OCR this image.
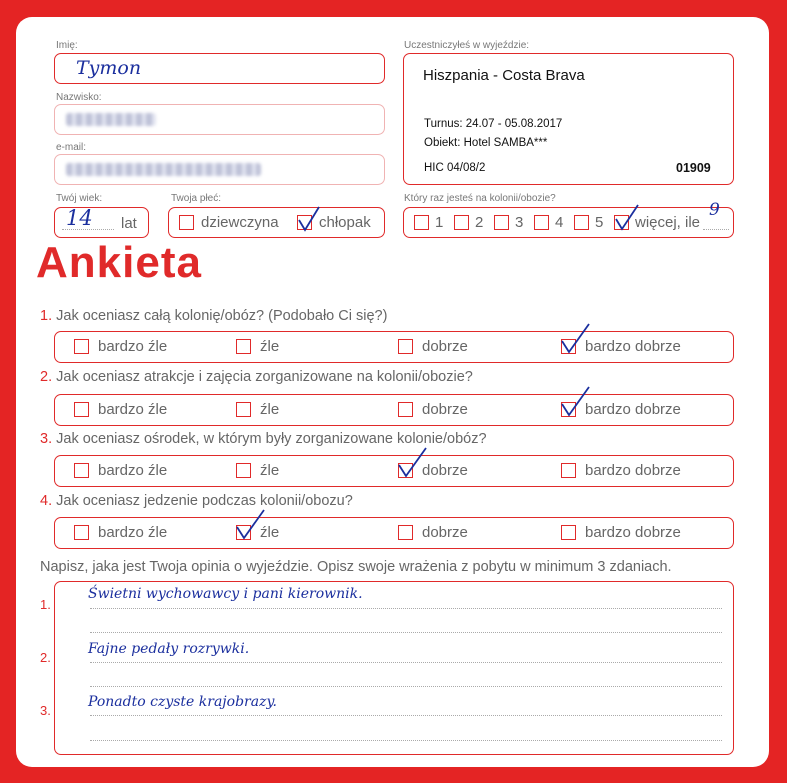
Imię:
Tymon
Nazwisko:
e-mail:
Twój wiek:
14 lat
Twoja płeć:
dziewczyna	chłopak
Uczestniczyłeś w wyjeździe:
Hiszpania - Costa Brava
Turnus: 24.07 - 05.08.2017
Obiekt: Hotel SAMBA***
HIC 04/08/2	01909
Który raz jesteś na kolonii/obozie?
1 2 3 4 5 więcej, ile
9
Ankieta
1. Jak oceniasz całą kolonię/obóz? (Podobało Ci się?)
bardzo źle	źle	dobrze	bardzo dobrze
2. Jak oceniasz atrakcje i zajęcia zorganizowane na kolonii/obozie?
bardzo źle	źle	dobrze	bardzo dobrze
3. Jak oceniasz ośrodek, w którym były zorganizowane kolonie/obóz?
bardzo źle	źle	dobrze	bardzo dobrze
4. Jak oceniasz jedzenie podczas kolonii/obozu?
bardzo źle	źle	dobrze	bardzo dobrze
Napisz, jaka jest Twoja opinia o wyjeździe. Opisz swoje wrażenia z pobytu w minimum 3 zdaniach.
1.
2.
3.
Świetni wychowawcy i pani kierownik.
Fajne pedały rozrywki.
Ponadto czyste krajobrazy.
